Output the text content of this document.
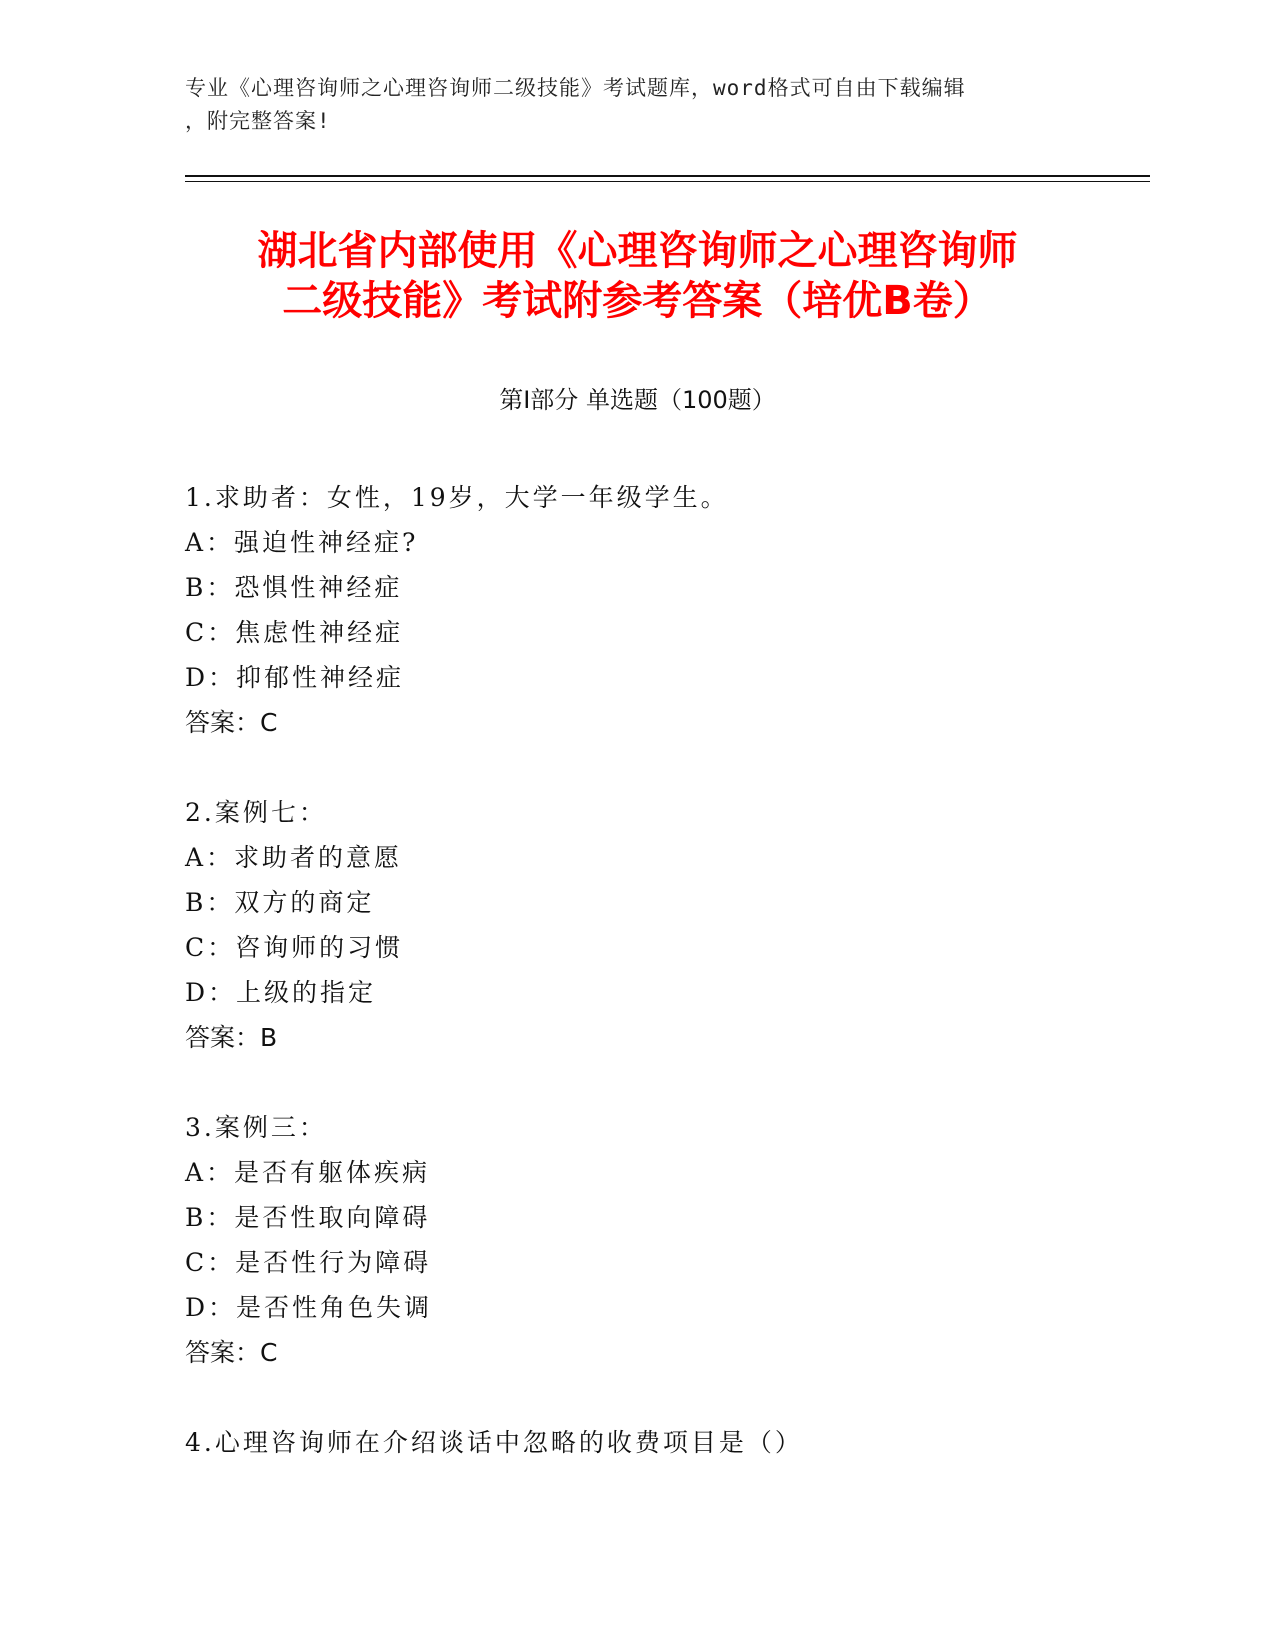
专业《心理咨询师之心理咨询师二级技能》考试题库，word格式可自由下载编辑
，附完整答案!
湖北省内部使用《心理咨询师之心理咨询师
二级技能》考试附参考答案（培优B卷）
第Ⅰ部分 单选题（100题）
1.求助者：女性，19岁，大学一年级学生。
A：强迫性神经症?
B：恐惧性神经症
C：焦虑性神经症
D：抑郁性神经症
答案：C
2.案例七：
A：求助者的意愿
B：双方的商定
C：咨询师的习惯
D：上级的指定
答案：B
3.案例三：
A：是否有躯体疾病
B：是否性取向障碍
C：是否性行为障碍
D：是否性角色失调
答案：C
4.心理咨询师在介绍谈话中忽略的收费项目是（）
